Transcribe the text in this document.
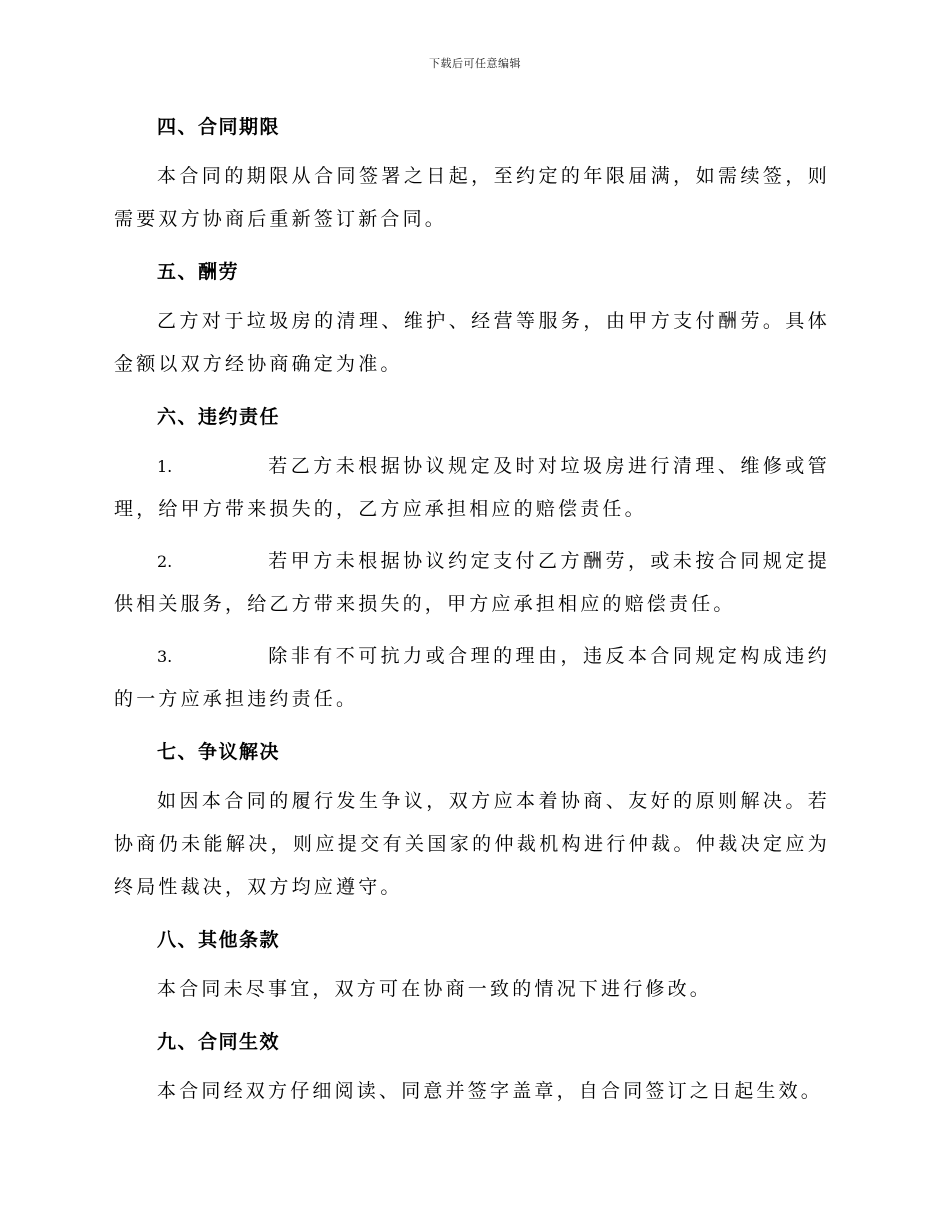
下载后可任意编辑
四、合同期限

本合同的期限从合同签署之日起，至约定的年限届满，如需续签，则需要双方协商后重新签订新合同。

五、酬劳

乙方对于垃圾房的清理、维护、经营等服务，由甲方支付酬劳。具体金额以双方经协商确定为准。

六、违约责任

1.	若乙方未根据协议规定及时对垃圾房进行清理、维修或管理，给甲方带来损失的，乙方应承担相应的赔偿责任。

2.	若甲方未根据协议约定支付乙方酬劳，或未按合同规定提供相关服务，给乙方带来损失的，甲方应承担相应的赔偿责任。

3.	除非有不可抗力或合理的理由，违反本合同规定构成违约的一方应承担违约责任。

七、争议解决

如因本合同的履行发生争议，双方应本着协商、友好的原则解决。若协商仍未能解决，则应提交有关国家的仲裁机构进行仲裁。仲裁决定应为终局性裁决，双方均应遵守。

八、其他条款

本合同未尽事宜，双方可在协商一致的情况下进行修改。

九、合同生效

本合同经双方仔细阅读、同意并签字盖章，自合同签订之日起生效。
